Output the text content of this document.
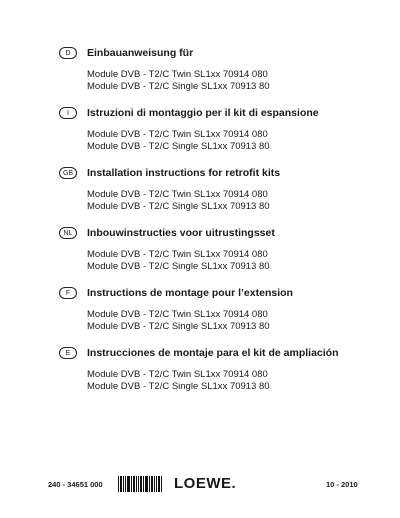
D	Einbauanweisung für
Module DVB - T2/C Twin SL1xx 70914 080
Module DVB - T2/C Single SL1xx 70913 80
I	Istruzioni di montaggio per il kit di espansione
Module DVB - T2/C Twin SL1xx 70914 080
Module DVB - T2/C Single SL1xx 70913 80
GB	Installation instructions for retrofit kits
Module DVB - T2/C Twin SL1xx 70914 080
Module DVB - T2/C Single SL1xx 70913 80
NL	Inbouwinstructies voor uitrustingsset
Module DVB - T2/C Twin SL1xx 70914 080
Module DVB - T2/C Single SL1xx 70913 80
F	Instructions de montage pour l’extension
Module DVB - T2/C Twin SL1xx 70914 080
Module DVB - T2/C Single SL1xx 70913 80
E	Instrucciones de montaje para el kit de ampliación
Module DVB - T2/C Twin SL1xx 70914 080
Module DVB - T2/C Single SL1xx 70913 80
240 - 34651 000	LOEWE.	10 - 2010
